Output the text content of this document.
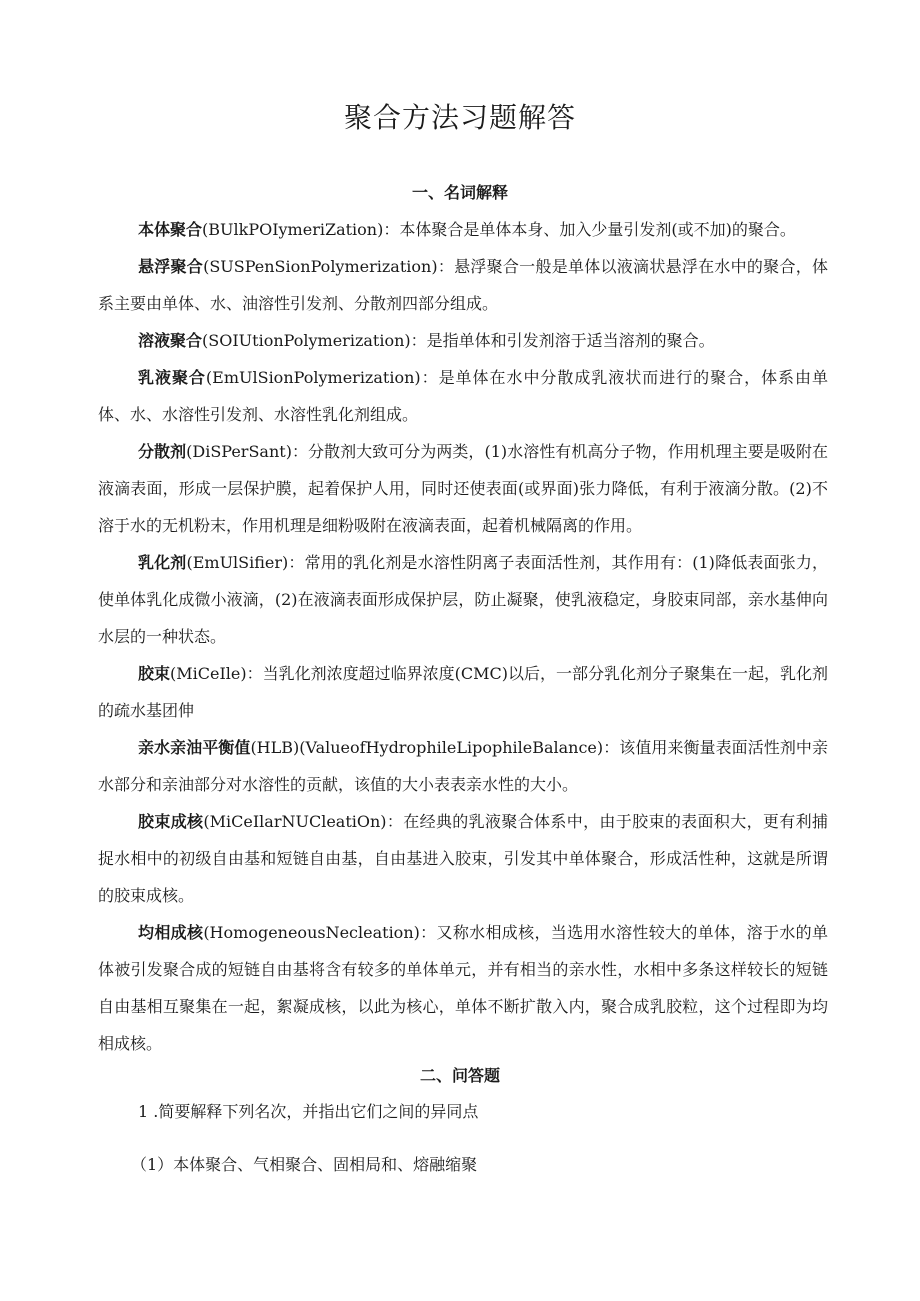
聚合方法习题解答
一、名词解释

本体聚合(BUlkPOIymeriZation)：本体聚合是单体本身、加入少量引发剂(或不加)的聚合。

悬浮聚合(SUSPenSionPolymerization)：悬浮聚合一般是单体以液滴状悬浮在水中的聚合，体系主要由单体、水、油溶性引发剂、分散剂四部分组成。

溶液聚合(SOIUtionPolymerization)：是指单体和引发剂溶于适当溶剂的聚合。

乳液聚合(EmUlSionPolymerization)：是单体在水中分散成乳液状而进行的聚合，体系由单体、水、水溶性引发剂、水溶性乳化剂组成。

分散剂(DiSPerSant)：分散剂大致可分为两类，(1)水溶性有机高分子物，作用机理主要是吸附在液滴表面，形成一层保护膜，起着保护人用，同时还使表面(或界面)张力降低，有利于液滴分散。(2)不溶于水的无机粉末，作用机理是细粉吸附在液滴表面，起着机械隔离的作用。

乳化剂(EmUlSifier)：常用的乳化剂是水溶性阴离子表面活性剂，其作用有：(1)降低表面张力，使单体乳化成微小液滴，(2)在液滴表面形成保护层，防止凝聚，使乳液稳定，身胶束同部，亲水基伸向水层的一种状态。

胶束(MiCeIle)：当乳化剂浓度超过临界浓度(CMC)以后，一部分乳化剂分子聚集在一起，乳化剂的疏水基团伸

亲水亲油平衡值(HLB)(ValueofHydrophileLipophileBalance)：该值用来衡量表面活性剂中亲水部分和亲油部分对水溶性的贡献，该值的大小表表亲水性的大小。

胶束成核(MiCeIlarNUCleatiOn)：在经典的乳液聚合体系中，由于胶束的表面积大，更有利捕捉水相中的初级自由基和短链自由基，自由基进入胶束，引发其中单体聚合，形成活性种，这就是所谓的胶束成核。

均相成核(HomogeneousNecleation)：又称水相成核，当选用水溶性较大的单体，溶于水的单体被引发聚合成的短链自由基将含有较多的单体单元，并有相当的亲水性，水相中多条这样较长的短链自由基相互聚集在一起，絮凝成核，以此为核心，单体不断扩散入内，聚合成乳胶粒，这个过程即为均相成核。

二、问答题

1 .简要解释下列名次，并指出它们之间的异同点

（1）本体聚合、气相聚合、固相局和、熔融缩聚
